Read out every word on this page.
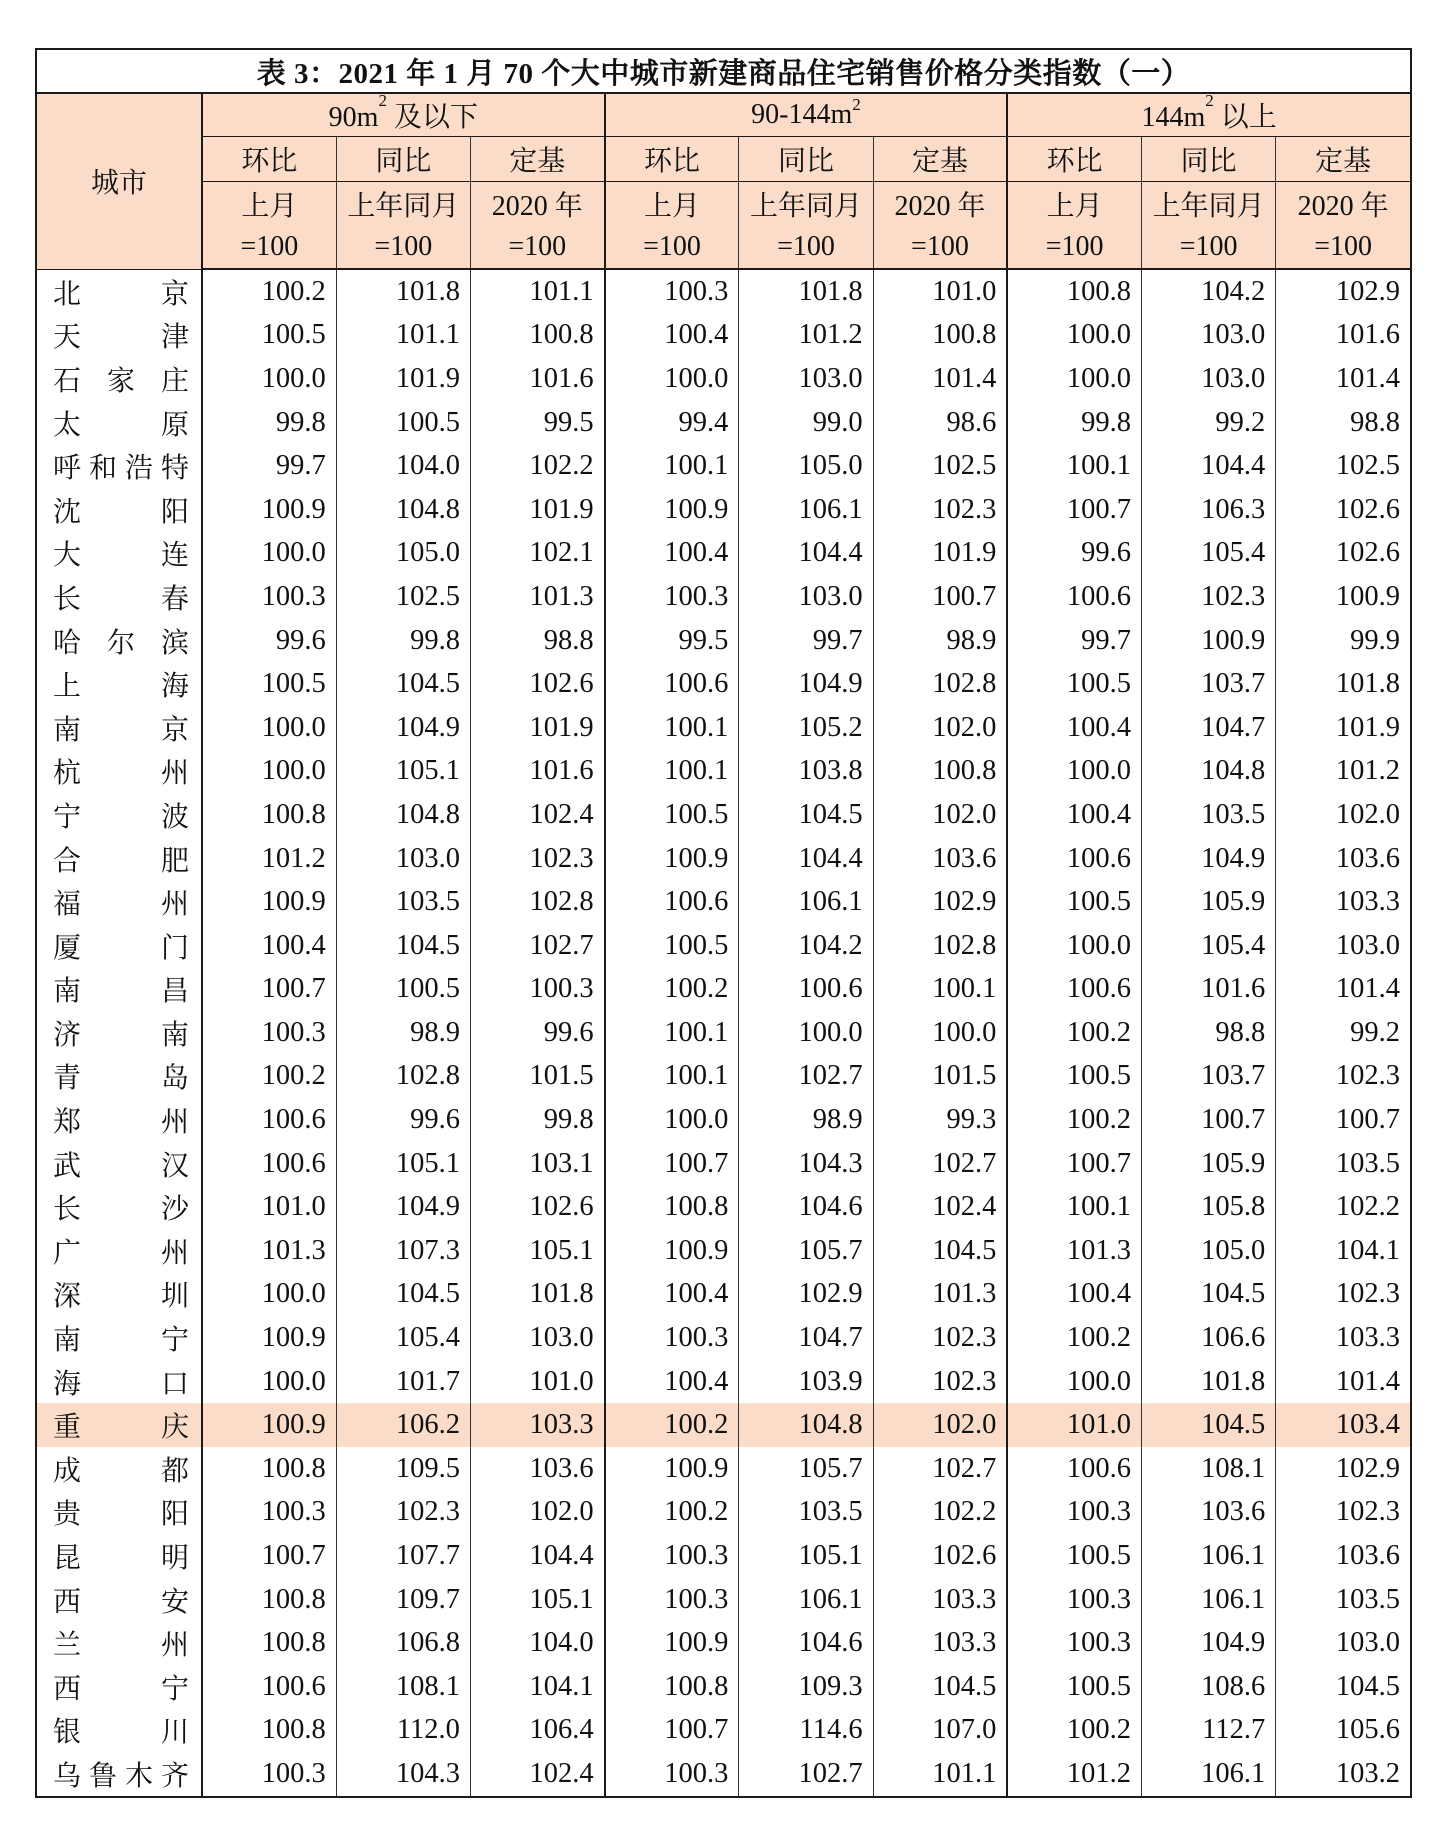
表 3：2021 年 1 月 70 个大中城市新建商品住宅销售价格分类指数（一）									
城市	$90m^2$ 及以下			$90-144m^2$			$144m^2$ 以上		
	环比	同比	定基	环比	同比	定基	环比	同比	定基
	上月	上年同月	2020 年	上月	上年同月	2020 年	上月	上年同月	2020 年
	=100	=100	=100	=100	=100	=100	=100	=100	=100
北京	100.2	101.8	101.1	100.3	101.8	101.0	100.8	104.2	102.9
天津	100.5	101.1	100.8	100.4	101.2	100.8	100.0	103.0	101.6
石家庄	100.0	101.9	101.6	100.0	103.0	101.4	100.0	103.0	101.4
太原	99.8	100.5	99.5	99.4	99.0	98.6	99.8	99.2	98.8
呼和浩特	99.7	104.0	102.2	100.1	105.0	102.5	100.1	104.4	102.5
沈阳	100.9	104.8	101.9	100.9	106.1	102.3	100.7	106.3	102.6
大连	100.0	105.0	102.1	100.4	104.4	101.9	99.6	105.4	102.6
长春	100.3	102.5	101.3	100.3	103.0	100.7	100.6	102.3	100.9
哈尔滨	99.6	99.8	98.8	99.5	99.7	98.9	99.7	100.9	99.9
上海	100.5	104.5	102.6	100.6	104.9	102.8	100.5	103.7	101.8
南京	100.0	104.9	101.9	100.1	105.2	102.0	100.4	104.7	101.9
杭州	100.0	105.1	101.6	100.1	103.8	100.8	100.0	104.8	101.2
宁波	100.8	104.8	102.4	100.5	104.5	102.0	100.4	103.5	102.0
合肥	101.2	103.0	102.3	100.9	104.4	103.6	100.6	104.9	103.6
福州	100.9	103.5	102.8	100.6	106.1	102.9	100.5	105.9	103.3
厦门	100.4	104.5	102.7	100.5	104.2	102.8	100.0	105.4	103.0
南昌	100.7	100.5	100.3	100.2	100.6	100.1	100.6	101.6	101.4
济南	100.3	98.9	99.6	100.1	100.0	100.0	100.2	98.8	99.2
青岛	100.2	102.8	101.5	100.1	102.7	101.5	100.5	103.7	102.3
郑州	100.6	99.6	99.8	100.0	98.9	99.3	100.2	100.7	100.7
武汉	100.6	105.1	103.1	100.7	104.3	102.7	100.7	105.9	103.5
长沙	101.0	104.9	102.6	100.8	104.6	102.4	100.1	105.8	102.2
广州	101.3	107.3	105.1	100.9	105.7	104.5	101.3	105.0	104.1
深圳	100.0	104.5	101.8	100.4	102.9	101.3	100.4	104.5	102.3
南宁	100.9	105.4	103.0	100.3	104.7	102.3	100.2	106.6	103.3
海口	100.0	101.7	101.0	100.4	103.9	102.3	100.0	101.8	101.4
重庆	100.9	106.2	103.3	100.2	104.8	102.0	101.0	104.5	103.4
成都	100.8	109.5	103.6	100.9	105.7	102.7	100.6	108.1	102.9
贵阳	100.3	102.3	102.0	100.2	103.5	102.2	100.3	103.6	102.3
昆明	100.7	107.7	104.4	100.3	105.1	102.6	100.5	106.1	103.6
西安	100.8	109.7	105.1	100.3	106.1	103.3	100.3	106.1	103.5
兰州	100.8	106.8	104.0	100.9	104.6	103.3	100.3	104.9	103.0
西宁	100.6	108.1	104.1	100.8	109.3	104.5	100.5	108.6	104.5
银川	100.8	112.0	106.4	100.7	114.6	107.0	100.2	112.7	105.6
乌鲁木齐	100.3	104.3	102.4	100.3	102.7	101.1	101.2	106.1	103.2
